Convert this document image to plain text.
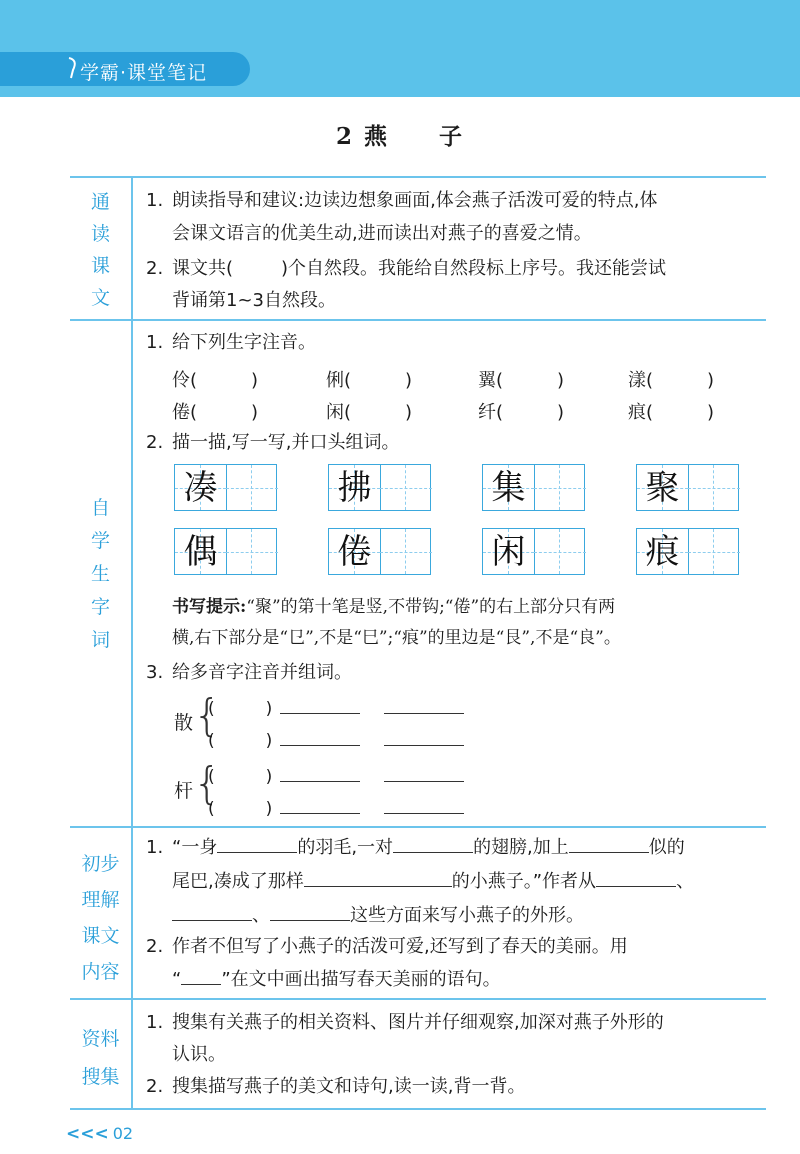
学霸·课堂笔记
2 燕　　子
通
读
课
文
1. 朗读指导和建议:边读边想象画面,体会燕子活泼可爱的特点,体
会课文语言的优美生动,进而读出对燕子的喜爱之情。
2. 课文共(	)个自然段。我能给自然段标上序号。我还能尝试
背诵第1~3自然段。
自
学
生
字
词
1. 给下列生字注音。
伶(　　　)	俐(　　　)	翼(　　　)	漾(　　　)
倦(　　　)	闲(　　　)	纤(　　　)	痕(　　　)
2. 描一描,写一写,并口头组词。
凑	拂	集	聚
偶	倦	闲	痕
书写提示:“聚”的第十笔是竖,不带钩;“倦”的右上部分只有两
横,右下部分是“㔾”,不是“巳”;“痕”的里边是“艮”,不是“良”。
3. 给多音字注音并组词。
散 {
(　　　)
(　　　)
杆 {
(　　　)
(　　　)
初步
理解
课文
内容
1. “一身	的羽毛,一对	的翅膀,加上	似的
尾巴,凑成了那样	的小燕子。”作者从	、
、	这些方面来写小燕子的外形。
2. 作者不但写了小燕子的活泼可爱,还写到了春天的美丽。用
“ ”在文中画出描写春天美丽的语句。
资料
搜集
1. 搜集有关燕子的相关资料、图片并仔细观察,加深对燕子外形的
认识。
2. 搜集描写燕子的美文和诗句,读一读,背一背。
<<< 02
